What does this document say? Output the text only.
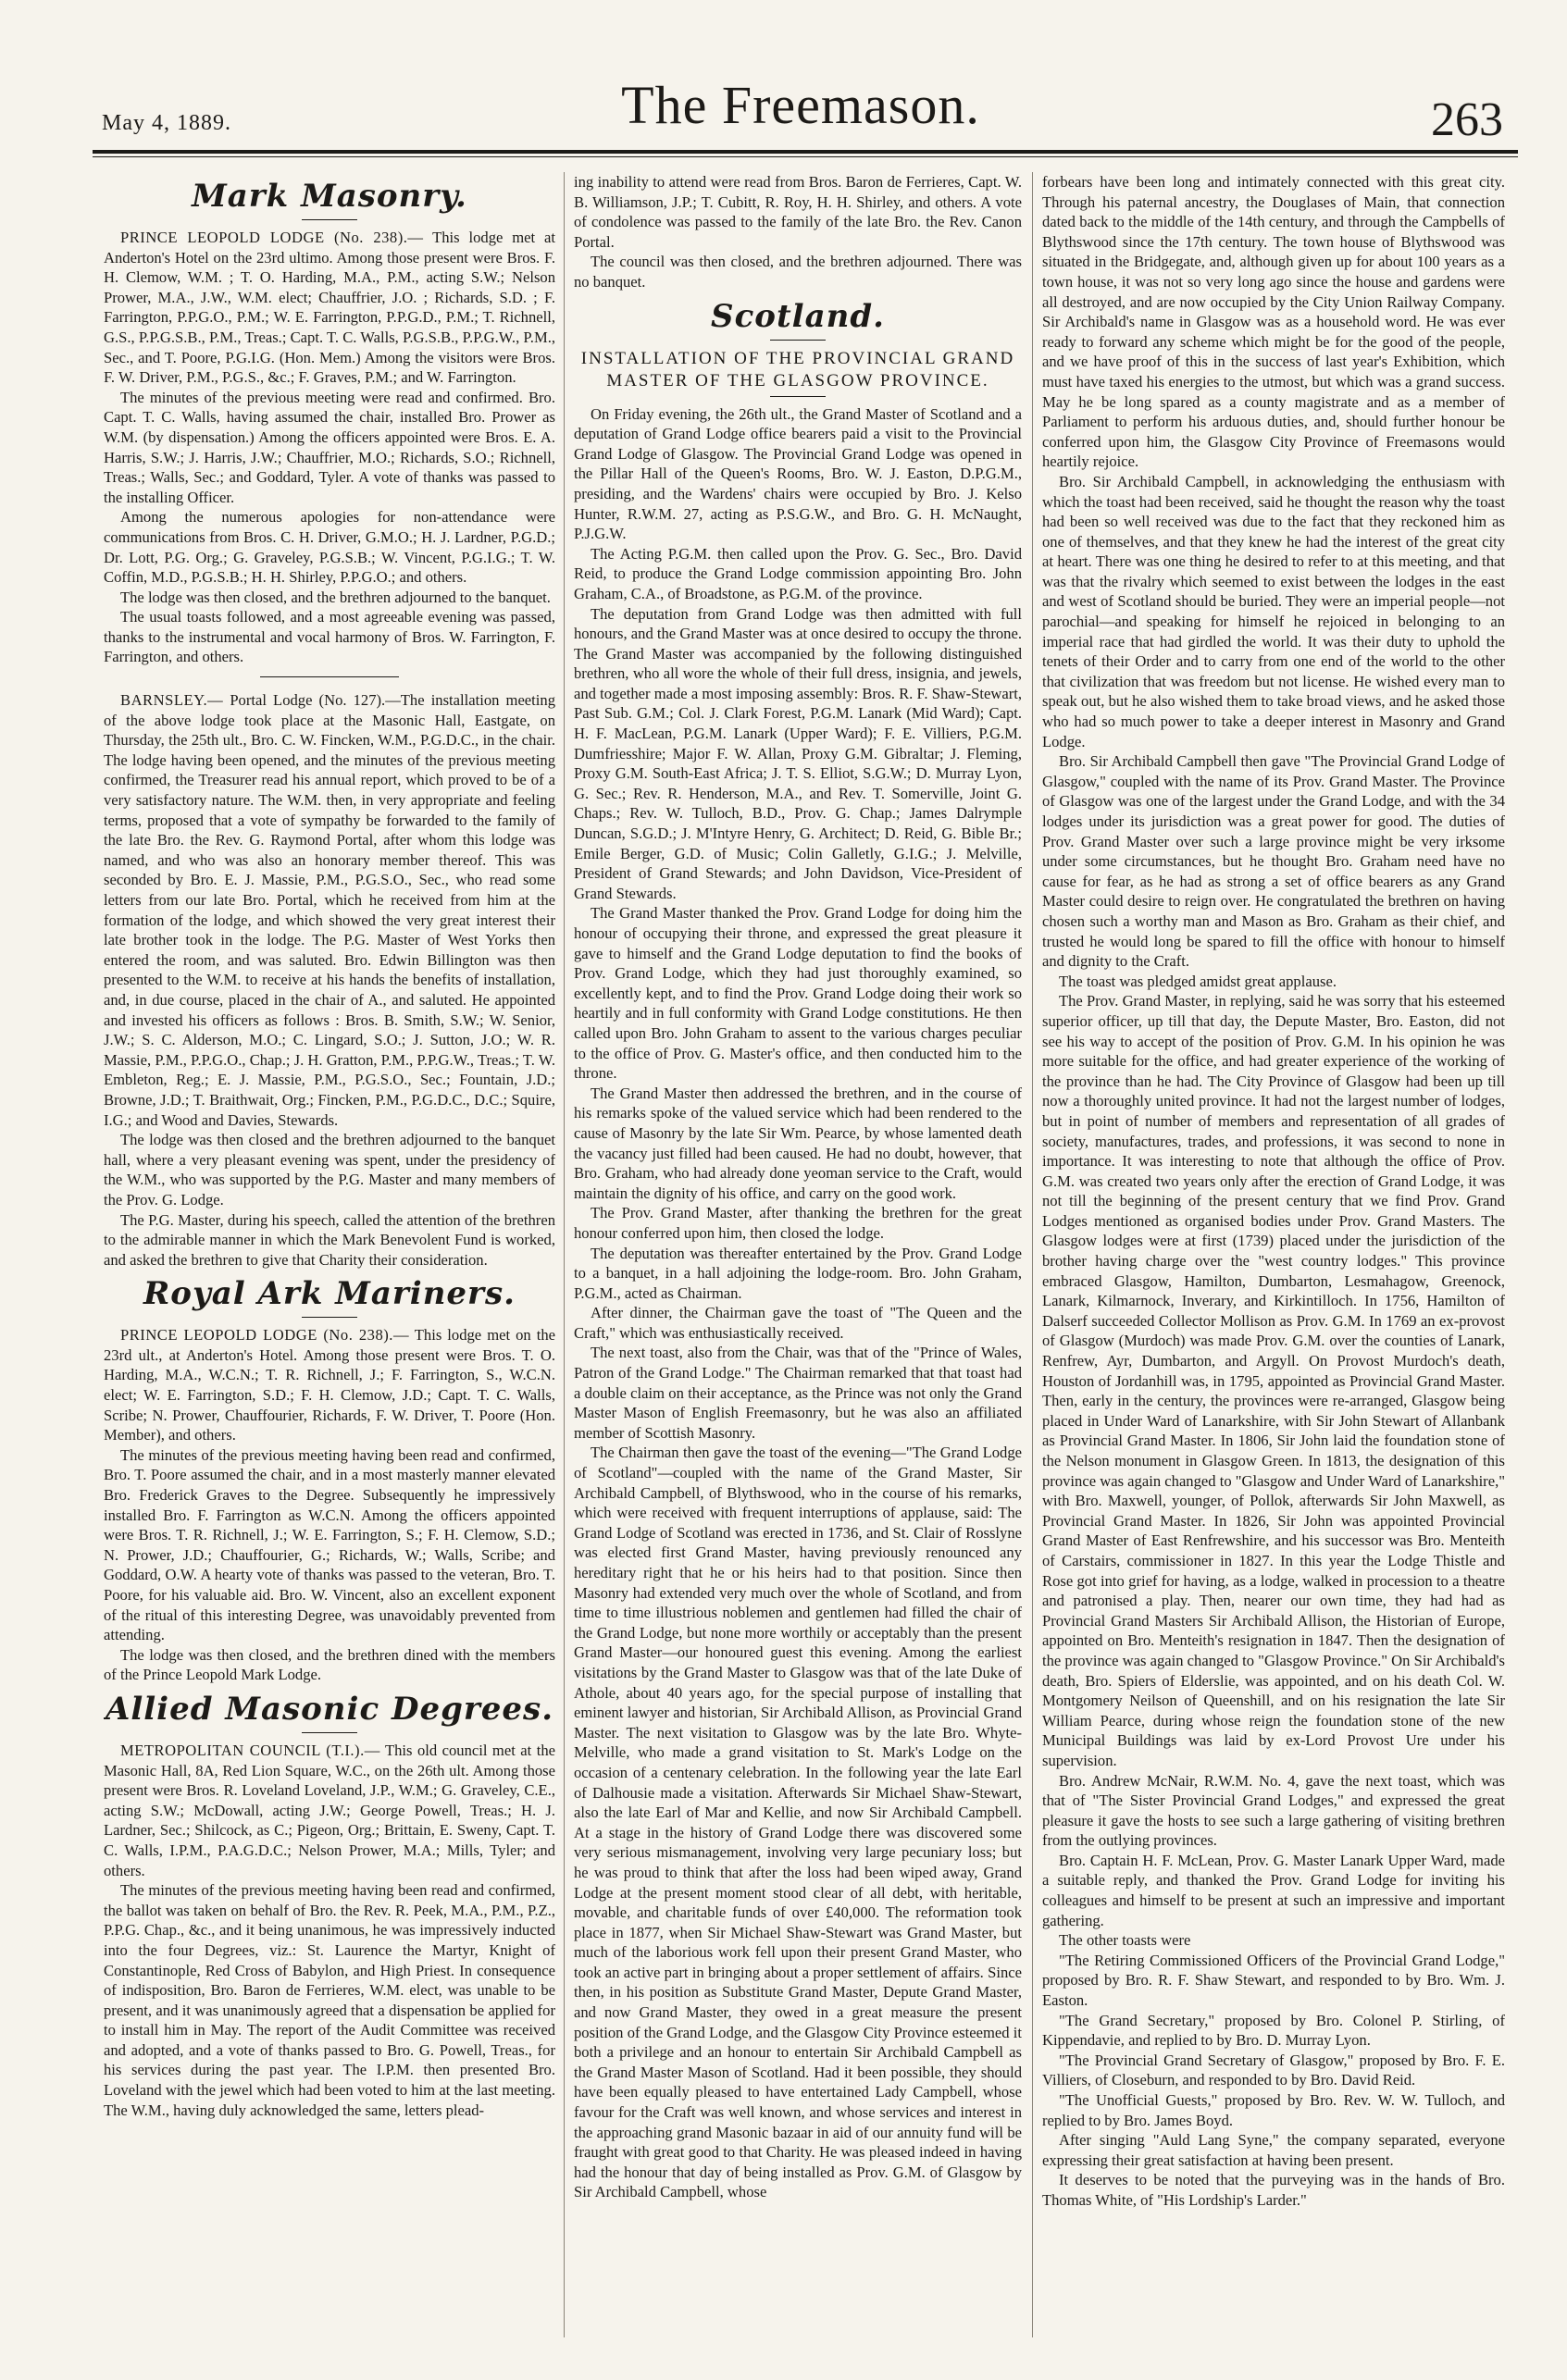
May 4, 1889.	The Freemason.	263
Mark Masonry.

PRINCE LEOPOLD LODGE (No. 238).— This lodge met at Anderton's Hotel on the 23rd ultimo. Among those present were Bros. F. H. Clemow, W.M. ; T. O. Harding, M.A., P.M., acting S.W.; Nelson Prower, M.A., J.W., W.M. elect; Chauffrier, J.O. ; Richards, S.D. ; F. Farrington, P.P.G.O., P.M.; W. E. Farrington, P.P.G.D., P.M.; T. Richnell, G.S., P.P.G.S.B., P.M., Treas.; Capt. T. C. Walls, P.G.S.B., P.P.G.W., P.M., Sec., and T. Poore, P.G.I.G. (Hon. Mem.) Among the visitors were Bros. F. W. Driver, P.M., P.G.S., &c.; F. Graves, P.M.; and W. Farrington.

The minutes of the previous meeting were read and confirmed. Bro. Capt. T. C. Walls, having assumed the chair, installed Bro. Prower as W.M. (by dispensation.) Among the officers appointed were Bros. E. A. Harris, S.W.; J. Harris, J.W.; Chauffrier, M.O.; Richards, S.O.; Richnell, Treas.; Walls, Sec.; and Goddard, Tyler. A vote of thanks was passed to the installing Officer.

Among the numerous apologies for non-attendance were communications from Bros. C. H. Driver, G.M.O.; H. J. Lardner, P.G.D.; Dr. Lott, P.G. Org.; G. Graveley, P.G.S.B.; W. Vincent, P.G.I.G.; T. W. Coffin, M.D., P.G.S.B.; H. H. Shirley, P.P.G.O.; and others.

The lodge was then closed, and the brethren adjourned to the banquet.

The usual toasts followed, and a most agreeable evening was passed, thanks to the instrumental and vocal harmony of Bros. W. Farrington, F. Farrington, and others.

BARNSLEY.— Portal Lodge (No. 127).—The installation meeting of the above lodge took place at the Masonic Hall, Eastgate, on Thursday, the 25th ult., Bro. C. W. Fincken, W.M., P.G.D.C., in the chair. The lodge having been opened, and the minutes of the previous meeting confirmed, the Treasurer read his annual report, which proved to be of a very satisfactory nature. The W.M. then, in very appropriate and feeling terms, proposed that a vote of sympathy be forwarded to the family of the late Bro. the Rev. G. Raymond Portal, after whom this lodge was named, and who was also an honorary member thereof. This was seconded by Bro. E. J. Massie, P.M., P.G.S.O., Sec., who read some letters from our late Bro. Portal, which he received from him at the formation of the lodge, and which showed the very great interest their late brother took in the lodge. The P.G. Master of West Yorks then entered the room, and was saluted. Bro. Edwin Billington was then presented to the W.M. to receive at his hands the benefits of installation, and, in due course, placed in the chair of A., and saluted. He appointed and invested his officers as follows : Bros. B. Smith, S.W.; W. Senior, J.W.; S. C. Alderson, M.O.; C. Lingard, S.O.; J. Sutton, J.O.; W. R. Massie, P.M., P.P.G.O., Chap.; J. H. Gratton, P.M., P.P.G.W., Treas.; T. W. Embleton, Reg.; E. J. Massie, P.M., P.G.S.O., Sec.; Fountain, J.D.; Browne, J.D.; T. Braithwait, Org.; Fincken, P.M., P.G.D.C., D.C.; Squire, I.G.; and Wood and Davies, Stewards.

The lodge was then closed and the brethren adjourned to the banquet hall, where a very pleasant evening was spent, under the presidency of the W.M., who was supported by the P.G. Master and many members of the Prov. G. Lodge.

The P.G. Master, during his speech, called the attention of the brethren to the admirable manner in which the Mark Benevolent Fund is worked, and asked the brethren to give that Charity their consideration.

Royal Ark Mariners.

PRINCE LEOPOLD LODGE (No. 238).— This lodge met on the 23rd ult., at Anderton's Hotel. Among those present were Bros. T. O. Harding, M.A., W.C.N.; T. R. Richnell, J.; F. Farrington, S., W.C.N. elect; W. E. Farrington, S.D.; F. H. Clemow, J.D.; Capt. T. C. Walls, Scribe; N. Prower, Chauffourier, Richards, F. W. Driver, T. Poore (Hon. Member), and others.

The minutes of the previous meeting having been read and confirmed, Bro. T. Poore assumed the chair, and in a most masterly manner elevated Bro. Frederick Graves to the Degree. Subsequently he impressively installed Bro. F. Farrington as W.C.N. Among the officers appointed were Bros. T. R. Richnell, J.; W. E. Farrington, S.; F. H. Clemow, S.D.; N. Prower, J.D.; Chauffourier, G.; Richards, W.; Walls, Scribe; and Goddard, O.W. A hearty vote of thanks was passed to the veteran, Bro. T. Poore, for his valuable aid. Bro. W. Vincent, also an excellent exponent of the ritual of this interesting Degree, was unavoidably prevented from attending.

The lodge was then closed, and the brethren dined with the members of the Prince Leopold Mark Lodge.

Allied Masonic Degrees.

METROPOLITAN COUNCIL (T.I.).— This old council met at the Masonic Hall, 8A, Red Lion Square, W.C., on the 26th ult. Among those present were Bros. R. Loveland Loveland, J.P., W.M.; G. Graveley, C.E., acting S.W.; McDowall, acting J.W.; George Powell, Treas.; H. J. Lardner, Sec.; Shilcock, as C.; Pigeon, Org.; Brittain, E. Sweny, Capt. T. C. Walls, I.P.M., P.A.G.D.C.; Nelson Prower, M.A.; Mills, Tyler; and others.

The minutes of the previous meeting having been read and confirmed, the ballot was taken on behalf of Bro. the Rev. R. Peek, M.A., P.M., P.Z., P.P.G. Chap., &c., and it being unanimous, he was impressively inducted into the four Degrees, viz.: St. Laurence the Martyr, Knight of Constantinople, Red Cross of Babylon, and High Priest. In consequence of indisposition, Bro. Baron de Ferrieres, W.M. elect, was unable to be present, and it was unanimously agreed that a dispensation be applied for to install him in May. The report of the Audit Committee was received and adopted, and a vote of thanks passed to Bro. G. Powell, Treas., for his services during the past year. The I.P.M. then presented Bro. Loveland with the jewel which had been voted to him at the last meeting. The W.M., having duly acknowledged the same, letters plead-

ing inability to attend were read from Bros. Baron de Ferrieres, Capt. W. B. Williamson, J.P.; T. Cubitt, R. Roy, H. H. Shirley, and others. A vote of condolence was passed to the family of the late Bro. the Rev. Canon Portal.

The council was then closed, and the brethren adjourned. There was no banquet.

Scotland.
INSTALLATION OF THE PROVINCIAL GRAND MASTER OF THE GLASGOW PROVINCE.

On Friday evening, the 26th ult., the Grand Master of Scotland and a deputation of Grand Lodge office bearers paid a visit to the Provincial Grand Lodge of Glasgow. The Provincial Grand Lodge was opened in the Pillar Hall of the Queen's Rooms, Bro. W. J. Easton, D.P.G.M., presiding, and the Wardens' chairs were occupied by Bro. J. Kelso Hunter, R.W.M. 27, acting as P.S.G.W., and Bro. G. H. McNaught, P.J.G.W.

The Acting P.G.M. then called upon the Prov. G. Sec., Bro. David Reid, to produce the Grand Lodge commission appointing Bro. John Graham, C.A., of Broadstone, as P.G.M. of the province.

The deputation from Grand Lodge was then admitted with full honours, and the Grand Master was at once desired to occupy the throne. The Grand Master was accompanied by the following distinguished brethren, who all wore the whole of their full dress, insignia, and jewels, and together made a most imposing assembly: Bros. R. F. Shaw-Stewart, Past Sub. G.M.; Col. J. Clark Forest, P.G.M. Lanark (Mid Ward); Capt. H. F. MacLean, P.G.M. Lanark (Upper Ward); F. E. Villiers, P.G.M. Dumfriesshire; Major F. W. Allan, Proxy G.M. Gibraltar; J. Fleming, Proxy G.M. South-East Africa; J. T. S. Elliot, S.G.W.; D. Murray Lyon, G. Sec.; Rev. R. Henderson, M.A., and Rev. T. Somerville, Joint G. Chaps.; Rev. W. Tulloch, B.D., Prov. G. Chap.; James Dalrymple Duncan, S.G.D.; J. M'Intyre Henry, G. Architect; D. Reid, G. Bible Br.; Emile Berger, G.D. of Music; Colin Galletly, G.I.G.; J. Melville, President of Grand Stewards; and John Davidson, Vice-President of Grand Stewards.

The Grand Master thanked the Prov. Grand Lodge for doing him the honour of occupying their throne, and expressed the great pleasure it gave to himself and the Grand Lodge deputation to find the books of Prov. Grand Lodge, which they had just thoroughly examined, so excellently kept, and to find the Prov. Grand Lodge doing their work so heartily and in full conformity with Grand Lodge constitutions. He then called upon Bro. John Graham to assent to the various charges peculiar to the office of Prov. G. Master's office, and then conducted him to the throne.

The Grand Master then addressed the brethren, and in the course of his remarks spoke of the valued service which had been rendered to the cause of Masonry by the late Sir Wm. Pearce, by whose lamented death the vacancy just filled had been caused. He had no doubt, however, that Bro. Graham, who had already done yeoman service to the Craft, would maintain the dignity of his office, and carry on the good work.

The Prov. Grand Master, after thanking the brethren for the great honour conferred upon him, then closed the lodge.

The deputation was thereafter entertained by the Prov. Grand Lodge to a banquet, in a hall adjoining the lodge-room. Bro. John Graham, P.G.M., acted as Chairman.

After dinner, the Chairman gave the toast of "The Queen and the Craft," which was enthusiastically received.

The next toast, also from the Chair, was that of the "Prince of Wales, Patron of the Grand Lodge." The Chairman remarked that that toast had a double claim on their acceptance, as the Prince was not only the Grand Master Mason of English Freemasonry, but he was also an affiliated member of Scottish Masonry.

The Chairman then gave the toast of the evening—"The Grand Lodge of Scotland"—coupled with the name of the Grand Master, Sir Archibald Campbell, of Blythswood, who in the course of his remarks, which were received with frequent interruptions of applause, said: The Grand Lodge of Scotland was erected in 1736, and St. Clair of Rosslyne was elected first Grand Master, having previously renounced any hereditary right that he or his heirs had to that position. Since then Masonry had extended very much over the whole of Scotland, and from time to time illustrious noblemen and gentlemen had filled the chair of the Grand Lodge, but none more worthily or acceptably than the present Grand Master—our honoured guest this evening. Among the earliest visitations by the Grand Master to Glasgow was that of the late Duke of Athole, about 40 years ago, for the special purpose of installing that eminent lawyer and historian, Sir Archibald Allison, as Provincial Grand Master. The next visitation to Glasgow was by the late Bro. Whyte-Melville, who made a grand visitation to St. Mark's Lodge on the occasion of a centenary celebration. In the following year the late Earl of Dalhousie made a visitation. Afterwards Sir Michael Shaw-Stewart, also the late Earl of Mar and Kellie, and now Sir Archibald Campbell. At a stage in the history of Grand Lodge there was discovered some very serious mismanagement, involving very large pecuniary loss; but he was proud to think that after the loss had been wiped away, Grand Lodge at the present moment stood clear of all debt, with heritable, movable, and charitable funds of over £40,000. The reformation took place in 1877, when Sir Michael Shaw-Stewart was Grand Master, but much of the laborious work fell upon their present Grand Master, who took an active part in bringing about a proper settlement of affairs. Since then, in his position as Substitute Grand Master, Depute Grand Master, and now Grand Master, they owed in a great measure the present position of the Grand Lodge, and the Glasgow City Province esteemed it both a privilege and an honour to entertain Sir Archibald Campbell as the Grand Master Mason of Scotland. Had it been possible, they should have been equally pleased to have entertained Lady Campbell, whose favour for the Craft was well known, and whose services and interest in the approaching grand Masonic bazaar in aid of our annuity fund will be fraught with great good to that Charity. He was pleased indeed in having had the honour that day of being installed as Prov. G.M. of Glasgow by Sir Archibald Campbell, whose

forbears have been long and intimately connected with this great city. Through his paternal ancestry, the Douglases of Main, that connection dated back to the middle of the 14th century, and through the Campbells of Blythswood since the 17th century. The town house of Blythswood was situated in the Bridgegate, and, although given up for about 100 years as a town house, it was not so very long ago since the house and gardens were all destroyed, and are now occupied by the City Union Railway Company. Sir Archibald's name in Glasgow was as a household word. He was ever ready to forward any scheme which might be for the good of the people, and we have proof of this in the success of last year's Exhibition, which must have taxed his energies to the utmost, but which was a grand success. May he be long spared as a county magistrate and as a member of Parliament to perform his arduous duties, and, should further honour be conferred upon him, the Glasgow City Province of Freemasons would heartily rejoice.

Bro. Sir Archibald Campbell, in acknowledging the enthusiasm with which the toast had been received, said he thought the reason why the toast had been so well received was due to the fact that they reckoned him as one of themselves, and that they knew he had the interest of the great city at heart. There was one thing he desired to refer to at this meeting, and that was that the rivalry which seemed to exist between the lodges in the east and west of Scotland should be buried. They were an imperial people—not parochial—and speaking for himself he rejoiced in belonging to an imperial race that had girdled the world. It was their duty to uphold the tenets of their Order and to carry from one end of the world to the other that civilization that was freedom but not license. He wished every man to speak out, but he also wished them to take broad views, and he asked those who had so much power to take a deeper interest in Masonry and Grand Lodge.

Bro. Sir Archibald Campbell then gave "The Provincial Grand Lodge of Glasgow," coupled with the name of its Prov. Grand Master. The Province of Glasgow was one of the largest under the Grand Lodge, and with the 34 lodges under its jurisdiction was a great power for good. The duties of Prov. Grand Master over such a large province might be very irksome under some circumstances, but he thought Bro. Graham need have no cause for fear, as he had as strong a set of office bearers as any Grand Master could desire to reign over. He congratulated the brethren on having chosen such a worthy man and Mason as Bro. Graham as their chief, and trusted he would long be spared to fill the office with honour to himself and dignity to the Craft.

The toast was pledged amidst great applause.

The Prov. Grand Master, in replying, said he was sorry that his esteemed superior officer, up till that day, the Depute Master, Bro. Easton, did not see his way to accept of the position of Prov. G.M. In his opinion he was more suitable for the office, and had greater experience of the working of the province than he had. The City Province of Glasgow had been up till now a thoroughly united province. It had not the largest number of lodges, but in point of number of members and representation of all grades of society, manufactures, trades, and professions, it was second to none in importance. It was interesting to note that although the office of Prov. G.M. was created two years only after the erection of Grand Lodge, it was not till the beginning of the present century that we find Prov. Grand Lodges mentioned as organised bodies under Prov. Grand Masters. The Glasgow lodges were at first (1739) placed under the jurisdiction of the brother having charge over the "west country lodges." This province embraced Glasgow, Hamilton, Dumbarton, Lesmahagow, Greenock, Lanark, Kilmarnock, Inverary, and Kirkintilloch. In 1756, Hamilton of Dalserf succeeded Collector Mollison as Prov. G.M. In 1769 an ex-provost of Glasgow (Murdoch) was made Prov. G.M. over the counties of Lanark, Renfrew, Ayr, Dumbarton, and Argyll. On Provost Murdoch's death, Houston of Jordanhill was, in 1795, appointed as Provincial Grand Master. Then, early in the century, the provinces were re-arranged, Glasgow being placed in Under Ward of Lanarkshire, with Sir John Stewart of Allanbank as Provincial Grand Master. In 1806, Sir John laid the foundation stone of the Nelson monument in Glasgow Green. In 1813, the designation of this province was again changed to "Glasgow and Under Ward of Lanarkshire," with Bro. Maxwell, younger, of Pollok, afterwards Sir John Maxwell, as Provincial Grand Master. In 1826, Sir John was appointed Provincial Grand Master of East Renfrewshire, and his successor was Bro. Menteith of Carstairs, commissioner in 1827. In this year the Lodge Thistle and Rose got into grief for having, as a lodge, walked in procession to a theatre and patronised a play. Then, nearer our own time, they had had as Provincial Grand Masters Sir Archibald Allison, the Historian of Europe, appointed on Bro. Menteith's resignation in 1847. Then the designation of the province was again changed to "Glasgow Province." On Sir Archibald's death, Bro. Spiers of Elderslie, was appointed, and on his death Col. W. Montgomery Neilson of Queenshill, and on his resignation the late Sir William Pearce, during whose reign the foundation stone of the new Municipal Buildings was laid by ex-Lord Provost Ure under his supervision.

Bro. Andrew McNair, R.W.M. No. 4, gave the next toast, which was that of "The Sister Provincial Grand Lodges," and expressed the great pleasure it gave the hosts to see such a large gathering of visiting brethren from the outlying provinces.

Bro. Captain H. F. McLean, Prov. G. Master Lanark Upper Ward, made a suitable reply, and thanked the Prov. Grand Lodge for inviting his colleagues and himself to be present at such an impressive and important gathering.

The other toasts were

"The Retiring Commissioned Officers of the Provincial Grand Lodge," proposed by Bro. R. F. Shaw Stewart, and responded to by Bro. Wm. J. Easton.

"The Grand Secretary," proposed by Bro. Colonel P. Stirling, of Kippendavie, and replied to by Bro. D. Murray Lyon.

"The Provincial Grand Secretary of Glasgow," proposed by Bro. F. E. Villiers, of Closeburn, and responded to by Bro. David Reid.

"The Unofficial Guests," proposed by Bro. Rev. W. W. Tulloch, and replied to by Bro. James Boyd.

After singing "Auld Lang Syne," the company separated, everyone expressing their great satisfaction at having been present.

It deserves to be noted that the purveying was in the hands of Bro. Thomas White, of "His Lordship's Larder."
